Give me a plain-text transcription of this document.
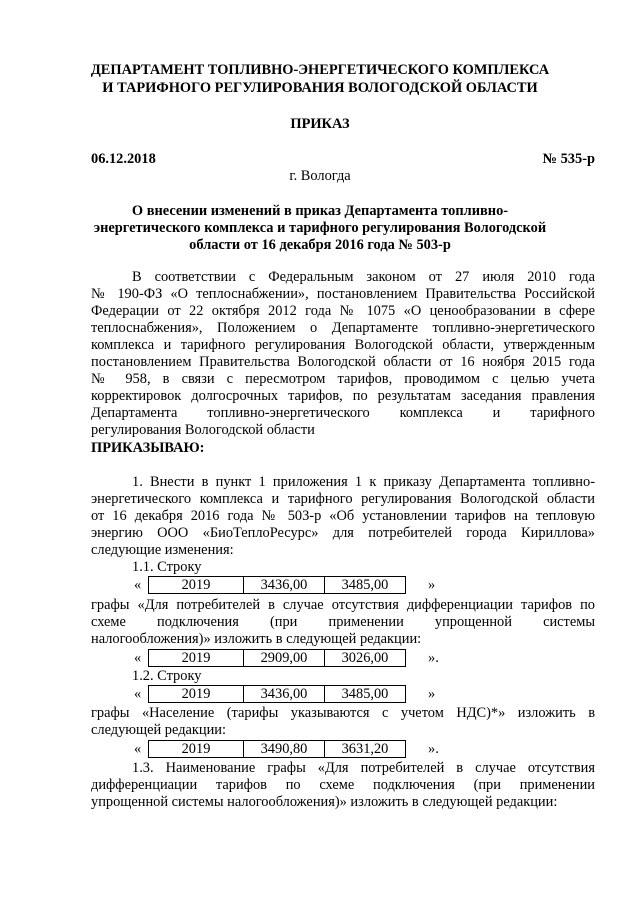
ДЕПАРТАМЕНТ ТОПЛИВНО-ЭНЕРГЕТИЧЕСКОГО КОМПЛЕКСА
И ТАРИФНОГО РЕГУЛИРОВАНИЯ ВОЛОГОДСКОЙ ОБЛАСТИ
ПРИКАЗ
06.12.2018	№ 535-р
г. Вологда
О внесении изменений в приказ Департамента топливно-
энергетического комплекса и тарифного регулирования Вологодской
области от 16 декабря 2016 года № 503-р
В соответствии с Федеральным законом от 27 июля 2010 года
№ 190-ФЗ «О теплоснабжении», постановлением Правительства Российской
Федерации от 22 октября 2012 года № 1075 «О ценообразовании в сфере
теплоснабжения», Положением о Департаменте топливно-энергетического
комплекса и тарифного регулирования Вологодской области, утвержденным
постановлением Правительства Вологодской области от 16 ноября 2015 года
№ 958, в связи с пересмотром тарифов, проводимом с целью учета
корректировок долгосрочных тарифов, по результатам заседания правления
Департамента топливно-энергетического комплекса и тарифного
регулирования Вологодской области
ПРИКАЗЫВАЮ:
1. Внести в пункт 1 приложения 1 к приказу Департамента топливно-
энергетического комплекса и тарифного регулирования Вологодской области
от 16 декабря 2016 года № 503-р «Об установлении тарифов на тепловую
энергию ООО «БиоТеплоРесурс» для потребителей города Кириллова»
следующие изменения:
1.1. Строку
«	2019	3436,00	3485,00	»
графы «Для потребителей в случае отсутствия дифференциации тарифов по
схеме подключения (при применении упрощенной системы
налогообложения)» изложить в следующей редакции:
«	2019	2909,00	3026,00	».
1.2. Строку
«	2019	3436,00	3485,00	»
графы «Население (тарифы указываются с учетом НДС)*» изложить в
следующей редакции:
«	2019	3490,80	3631,20	».
1.3. Наименование графы «Для потребителей в случае отсутствия
дифференциации тарифов по схеме подключения (при применении
упрощенной системы налогообложения)» изложить в следующей редакции:
